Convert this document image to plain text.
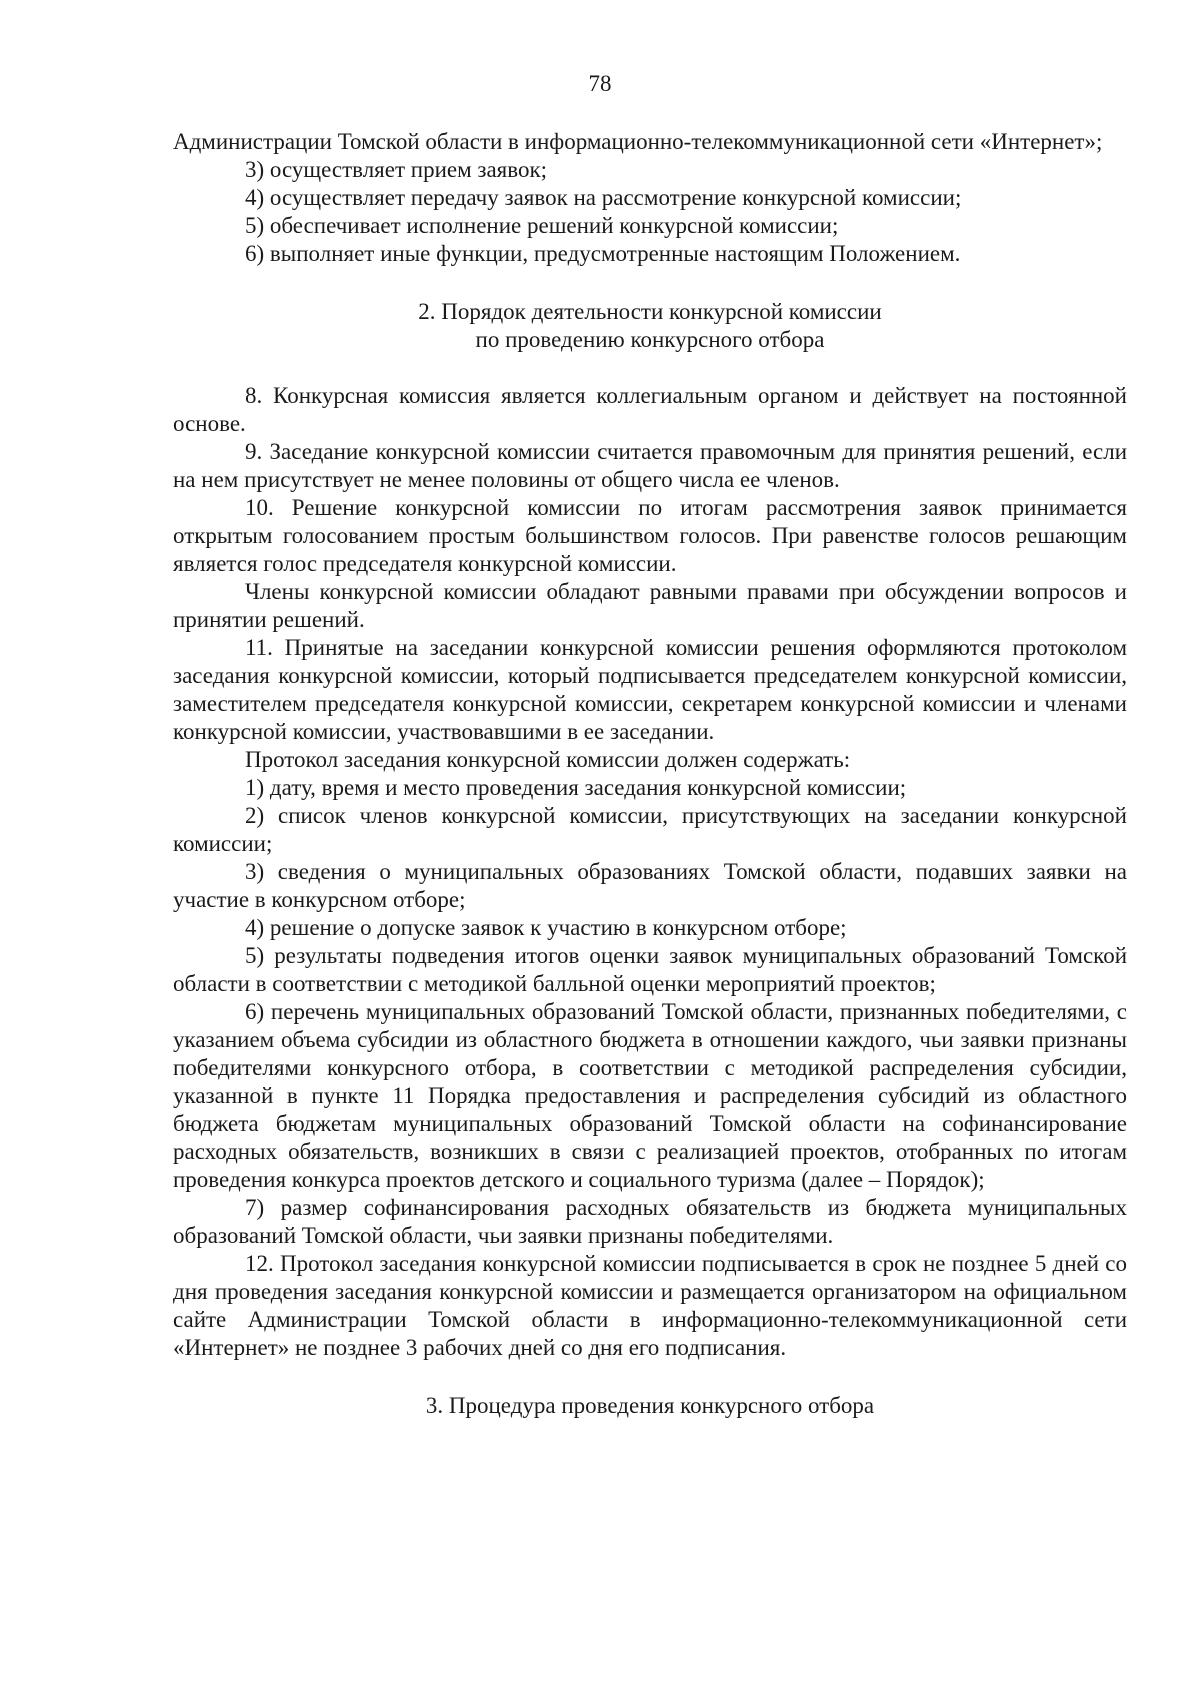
78

Администрации Томской области в информационно-телекоммуникационной сети «Интернет»;

3) осуществляет прием заявок;

4) осуществляет передачу заявок на рассмотрение конкурсной комиссии;

5) обеспечивает исполнение решений конкурсной комиссии;

6) выполняет иные функции, предусмотренные настоящим Положением.

2. Порядок деятельности конкурсной комиссии

по проведению конкурсного отбора

8. Конкурсная комиссия является коллегиальным органом и действует на постоянной основе.

9. Заседание конкурсной комиссии считается правомочным для принятия решений, если на нем присутствует не менее половины от общего числа ее членов.

10. Решение конкурсной комиссии по итогам рассмотрения заявок принимается открытым голосованием простым большинством голосов. При равенстве голосов решающим является голос председателя конкурсной комиссии.

Члены конкурсной комиссии обладают равными правами при обсуждении вопросов и принятии решений.

11. Принятые на заседании конкурсной комиссии решения оформляются протоколом заседания конкурсной комиссии, который подписывается председателем конкурсной комиссии, заместителем председателя конкурсной комиссии, секретарем конкурсной комиссии и членами конкурсной комиссии, участвовавшими в ее заседании.

Протокол заседания конкурсной комиссии должен содержать:

1) дату, время и место проведения заседания конкурсной комиссии;

2) список членов конкурсной комиссии, присутствующих на заседании конкурсной комиссии;

3) сведения о муниципальных образованиях Томской области, подавших заявки на участие в конкурсном отборе;

4) решение о допуске заявок к участию в конкурсном отборе;

5) результаты подведения итогов оценки заявок муниципальных образований Томской области в соответствии с методикой балльной оценки мероприятий проектов;

6) перечень муниципальных образований Томской области, признанных победителями, с указанием объема субсидии из областного бюджета в отношении каждого, чьи заявки признаны победителями конкурсного отбора, в соответствии с методикой распределения субсидии, указанной в пункте 11 Порядка предоставления и распределения субсидий из областного бюджета бюджетам муниципальных образований Томской области на софинансирование расходных обязательств, возникших в связи с реализацией проектов, отобранных по итогам проведения конкурса проектов детского и социального туризма (далее – Порядок);

7) размер софинансирования расходных обязательств из бюджета муниципальных образований Томской области, чьи заявки признаны победителями.

12. Протокол заседания конкурсной комиссии подписывается в срок не позднее 5 дней со дня проведения заседания конкурсной комиссии и размещается организатором на официальном сайте Администрации Томской области в информационно-телекоммуникационной сети «Интернет» не позднее 3 рабочих дней со дня его подписания.

3. Процедура проведения конкурсного отбора
